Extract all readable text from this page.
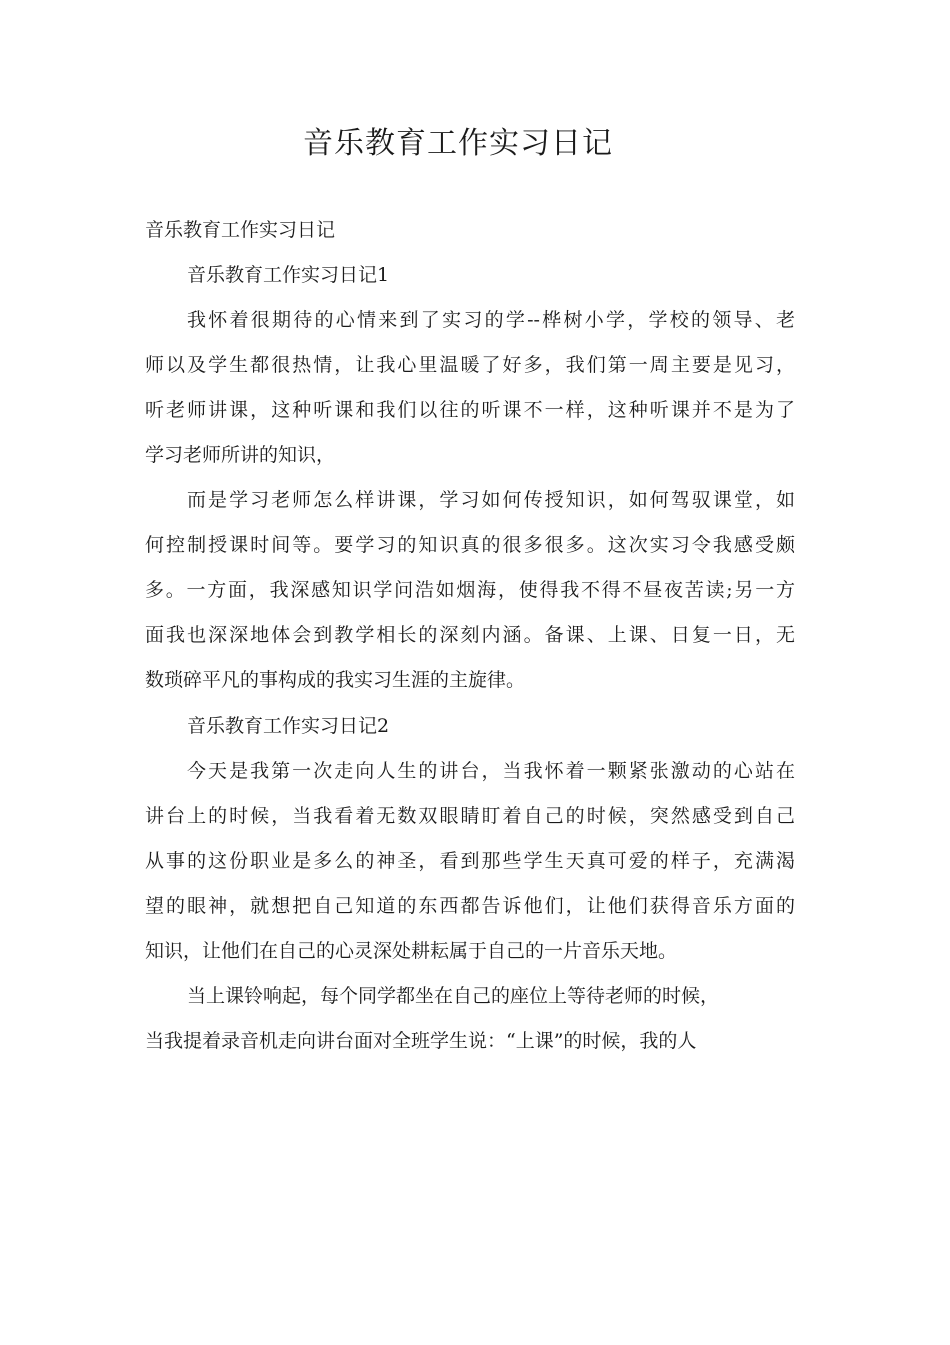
音乐教育工作实习日记

音乐教育工作实习日记

音乐教育工作实习日记1

我怀着很期待的心情来到了实习的学--桦树小学，学校的领导、老
师以及学生都很热情，让我心里温暖了好多，我们第一周主要是见习，
听老师讲课，这种听课和我们以往的听课不一样，这种听课并不是为了
学习老师所讲的知识，
而是学习老师怎么样讲课，学习如何传授知识，如何驾驭课堂，如
何控制授课时间等。要学习的知识真的很多很多。这次实习令我感受颇
多。一方面，我深感知识学问浩如烟海，使得我不得不昼夜苦读;另一方
面我也深深地体会到教学相长的深刻内涵。备课、上课、日复一日，无
数琐碎平凡的事构成的我实习生涯的主旋律。

音乐教育工作实习日记2

今天是我第一次走向人生的讲台，当我怀着一颗紧张激动的心站在
讲台上的时候，当我看着无数双眼睛盯着自己的时候，突然感受到自己
从事的这份职业是多么的神圣，看到那些学生天真可爱的样子，充满渴
望的眼神，就想把自己知道的东西都告诉他们，让他们获得音乐方面的
知识，让他们在自己的心灵深处耕耘属于自己的一片音乐天地。
当上课铃响起，每个同学都坐在自己的座位上等待老师的时候，
当我提着录音机走向讲台面对全班学生说：“上课”的时候，我的人
